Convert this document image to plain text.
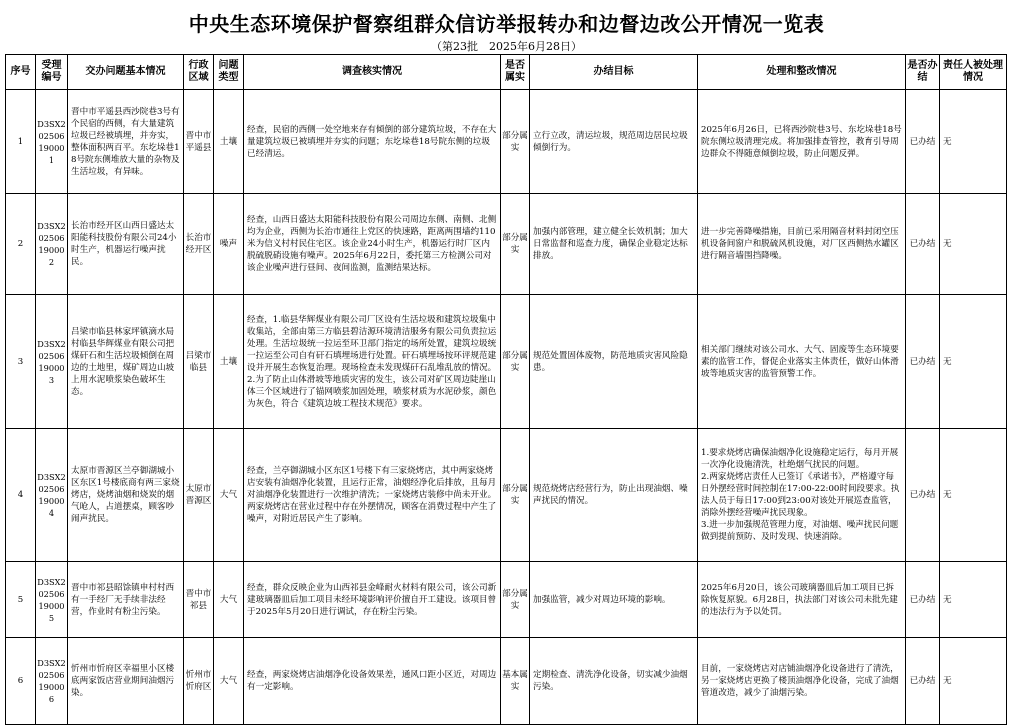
中央生态环境保护督察组群众信访举报转办和边督边改公开情况一览表
（第23批　2025年6月28日）
序号	受理编号	交办问题基本情况	行政区域	问题类型	调查核实情况	是否属实	办结目标	处理和整改情况	是否办结	责任人被处理情况
1	D3SX202506190001	晋中市平遥县西沙院巷3号有个民宿的西侧，有大量建筑垃圾已经被填埋，并夯实，整体面积两百平。东圪垛巷18号院东侧堆放大量的杂物及生活垃圾，有异味。	晋中市平遥县	土壤	经查，民宿的西侧一处空地来存有倾倒的部分建筑垃圾，不存在大量建筑垃圾已被填埋并夯实的问题；东圪垛巷18号院东侧的垃圾已经清运。	部分属实	立行立改，清运垃圾，规范周边居民垃圾倾倒行为。	2025年6月26日，已将西沙院巷3号、东圪垛巷18号院东侧垃圾清理完成。将加强排查管控，教育引导周边群众不得随意倾倒垃圾，防止问题反弹。	已办结	无
2	D3SX202506190002	长治市经开区山西日盛达太阳能科技股份有限公司24小时生产，机器运行噪声扰民。	长治市经开区	噪声	经查，山西日盛达太阳能科技股份有限公司周边东侧、南侧、北侧均为企业，西侧为长治市通往上党区的快速路，距离两围墙约110米为信义村村民住宅区。该企业24小时生产，机器运行时厂区内脱硫脱硝设施有噪声。2025年6月22日，委托第三方检测公司对该企业噪声进行昼间、夜间监测，监测结果达标。	部分属实	加强内部管理，建立健全长效机制；加大日常监督和巡查力度，确保企业稳定达标排放。	进一步完善降噪措施，目前已采用隔音材料封闭空压机设备间窗户和脱硫风机设施，对厂区西侧热水罐区进行隔音墙围挡降噪。	已办结	无
3	D3SX202506190003	吕梁市临县林家坪镇滴水局村临县华辉煤业有限公司把煤矸石和生活垃圾倾倒在周边的土地里，煤矿周边山坡上用水泥喷浆染色破坏生态。	吕梁市临县	土壤	经查，1.临县华辉煤业有限公司厂区设有生活垃圾和建筑垃圾集中收集站，全部由第三方临县碧洁源环境清洁服务有限公司负责拉运处理。生活垃圾统一拉运至环卫部门指定的场所处置，建筑垃圾统一拉运至公司自有矸石填埋场进行处置。矸石填埋场按环评规范建设并开展生态恢复治理。现场检查未发现煤矸石乱堆乱放的情况。
2.为了防止山体滑坡等地质灾害的发生，该公司对矿区周边陡崖山体三个区域进行了锚网喷浆加固处理，喷浆材质为水泥砂浆，颜色为灰色，符合《建筑边坡工程技术规范》要求。	部分属实	规范处置固体废物，防范地质灾害风险隐患。	相关部门继续对该公司水、大气、固废等生态环境要素的监管工作，督促企业落实主体责任，做好山体滑坡等地质灾害的监管预警工作。	已办结	无
4	D3SX202506190004	太原市晋源区兰亭御湖城小区东区1号楼底商有两三家烧烤店，烧烤油烟和烧炭的烟气呛人，占道摆桌，顾客吵闹声扰民。	太原市晋源区	大气	经查，兰亭御湖城小区东区1号楼下有三家烧烤店，其中两家烧烤店安装有油烟净化装置，且运行正常，油烟经净化后排放，且每月对油烟净化装置进行一次维护清洗；一家烧烤店装修中尚未开业。两家烧烤店在营业过程中存在外摆情况，顾客在消费过程中产生了噪声，对附近居民产生了影响。	部分属实	规范烧烤店经营行为，防止出现油烟、噪声扰民的情况。	1.要求烧烤店确保油烟净化设施稳定运行，每月开展一次净化设施清洗，杜绝烟气扰民的问题。
2.两家烧烤店责任人已签订《承诺书》，严格遵守每日外摆经营时间控制在17:00-22:00时间段要求。执法人员于每日17:00到23:00对该处开展巡查监管，消除外摆经营噪声扰民现象。
3.进一步加强规范管理力度，对油烟、噪声扰民问题做到提前预防、及时发现、快速消除。	已办结	无
5	D3SX202506190005	晋中市祁县昭馀镇申村村西有一手经厂无手续非法经营，作业时有粉尘污染。	晋中市祁县	大气	经查，群众反映企业为山西祁县金峰耐火材料有限公司，该公司新建玻璃器皿后加工项目未经环境影响评价擅自开工建设。该项目曾于2025年5月20日进行调试，存在粉尘污染。	部分属实	加强监管，减少对周边环境的影响。	2025年6月20日，该公司玻璃器皿后加工项目已拆除恢复原貌。6月28日，执法部门对该公司未批先建的违法行为予以处罚。	已办结	无
6	D3SX202506190006	忻州市忻府区幸福里小区楼底两家饭店营业期间油烟污染。	忻州市忻府区	大气	经查，两家烧烤店油烟净化设备效果差，通风口距小区近，对周边有一定影响。	基本属实	定期检查、清洗净化设备，切实减少油烟污染。	目前，一家烧烤店对店铺油烟净化设备进行了清洗，另一家烧烤店更换了楼顶油烟净化设备，完成了油烟管道改造，减少了油烟污染。	已办结	无
